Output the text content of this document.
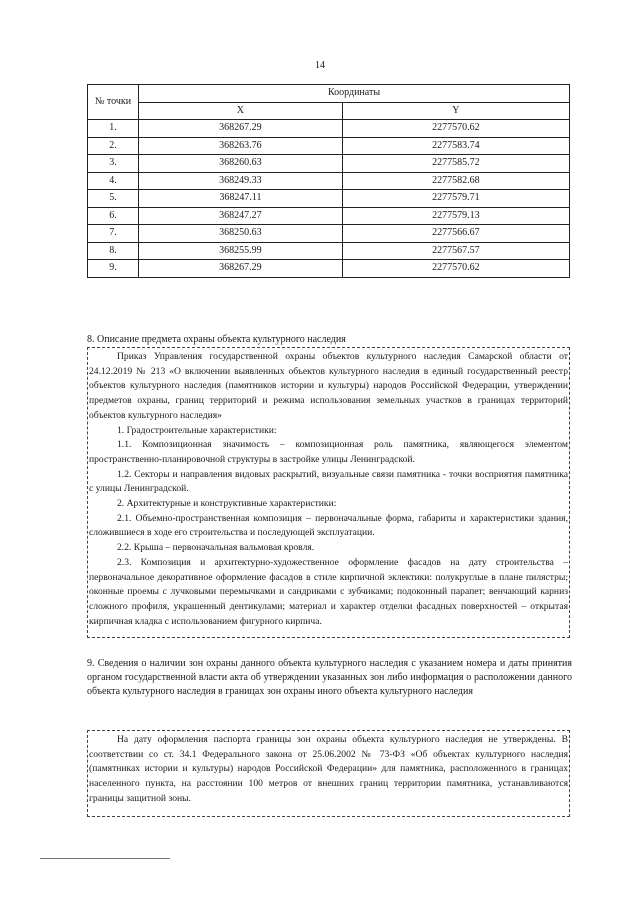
14
№ точки	Координаты	
	X	Y
1.	368267.29	2277570.62
2.	368263.76	2277583.74
3.	368260.63	2277585.72
4.	368249.33	2277582.68
5.	368247.11	2277579.71
6.	368247.27	2277579.13
7.	368250.63	2277566.67
8.	368255.99	2277567.57
9.	368267.29	2277570.62
8. Описание предмета охраны объекта культурного наследия

Приказ Управления государственной охраны объектов культурного наследия Самарской области от 24.12.2019 № 213 «О включении выявленных объектов культурного наследия в единый государственный реестр объектов культурного наследия (памятников истории и культуры) народов Российской Федерации, утверждении предметов охраны, границ территорий и режима использования земельных участков в границах территорий объектов культурного наследия»

1. Градостроительные характеристики:

1.1. Композиционная значимость – композиционная роль памятника, являющегося элементом пространственно-планировочной структуры в застройке улицы Ленинградской.

1.2. Секторы и направления видовых раскрытий, визуальные связи памятника - точки восприятия памятника с улицы Ленинградской.

2. Архитектурные и конструктивные характеристики:

2.1. Объемно-пространственная композиция – первоначальные форма, габариты и характеристики здания, сложившиеся в ходе его строительства и последующей эксплуатации.

2.2. Крыша – первоначальная вальмовая кровля.

2.3. Композиция и архитектурно-художественное оформление фасадов на дату строительства – первоначальное декоративное оформление фасадов в стиле кирпичной эклектики: полукруглые в плане пилястры; оконные проемы с лучковыми перемычками и сандриками с зубчиками; подоконный парапет; венчающий карниз сложного профиля, украшенный дентикулами; материал и характер отделки фасадных поверхностей – открытая кирпичная кладка с использованием фигурного кирпича.

9. Сведения о наличии зон охраны данного объекта культурного наследия с указанием номера и даты принятия органом государственной власти акта об утверждении указанных зон либо информация о расположении данного объекта культурного наследия в границах зон охраны иного объекта культурного наследия

На дату оформления паспорта границы зон охраны объекта культурного наследия не утверждены. В соответствии со ст. 34.1 Федерального закона от 25.06.2002 № 73-ФЗ «Об объектах культурного наследия (памятниках истории и культуры) народов Российской Федерации» для памятника, расположенного в границах населенного пункта, на расстоянии 100 метров от внешних границ территории памятника, устанавливаются границы защитной зоны.
